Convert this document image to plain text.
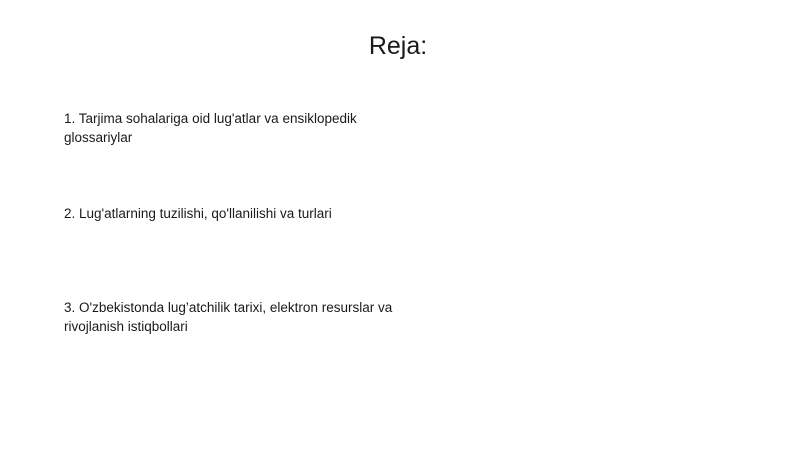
Reja:

1. Tarjima sohalariga oid lug'atlar va ensiklopedik glossariylar

2. Lug'atlarning tuzilishi, qo'llanilishi va turlari

3. O'zbekistonda lug’atchilik tarixi, elektron resurslar va rivojlanish istiqbollari
